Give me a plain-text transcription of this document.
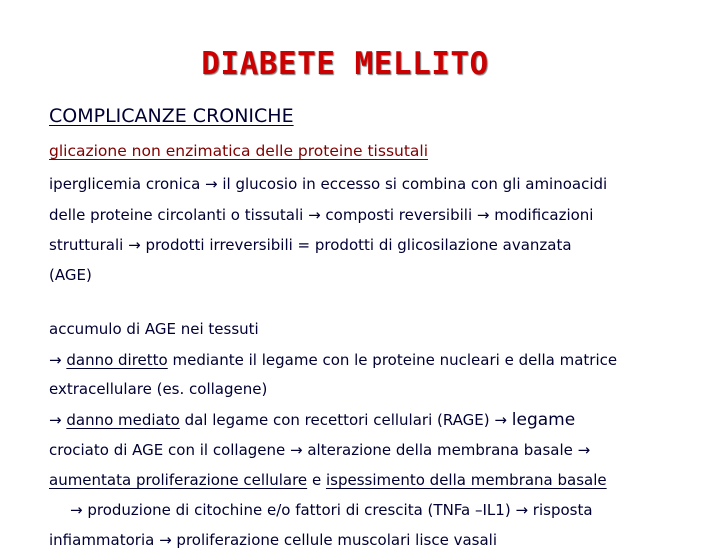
DIABETE MELLITO
COMPLICANZE CRONICHE
glicazione non enzimatica delle proteine tissutali
iperglicemia cronica → il glucosio in eccesso si combina con gli aminoacidi
delle proteine circolanti o tissutali → composti reversibili → modificazioni
strutturali → prodotti irreversibili = prodotti di glicosilazione avanzata
(AGE)
accumulo di AGE nei tessuti
→ danno diretto mediante il legame con le proteine nucleari e della matrice
extracellulare (es. collagene)
→ danno mediato dal legame con recettori cellulari (RAGE) → legame
crociato di AGE con il collagene → alterazione della membrana basale →
aumentata proliferazione cellulare e ispessimento della membrana basale
→ produzione di citochine e/o fattori di crescita (TNFa –IL1) → risposta
infiammatoria → proliferazione cellule muscolari lisce vasali
